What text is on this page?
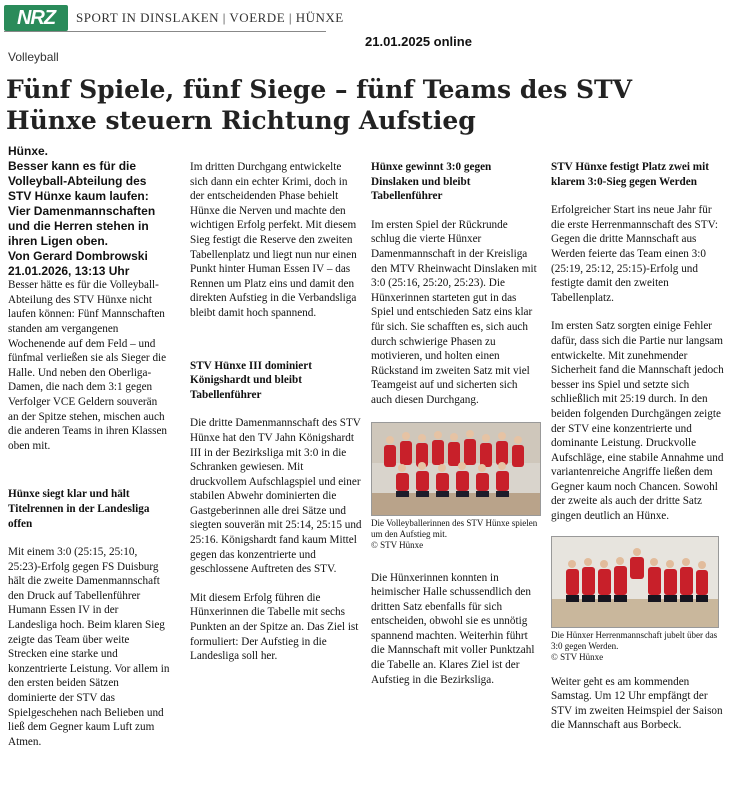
NRZ	SPORT IN DINSLAKEN | VOERDE | HÜNXE
21.01.2025 online
Volleyball
Fünf Spiele, fünf Siege – fünf Teams des STV
Hünxe steuern Richtung Aufstieg

Hünxe.

Besser kann es für die Volleyball-Abteilung des STV Hünxe kaum laufen: Vier Damenmannschaften und die Herren stehen in ihren Ligen oben.

Von Gerard Dombrowski

21.01.2026, 13:13 Uhr

Besser hätte es für die Volleyball-Abteilung des STV Hünxe nicht laufen können: Fünf Mannschaften standen am vergangenen Wochenende auf dem Feld – und fünfmal verließen sie als Sieger die Halle. Und neben den Oberliga-Damen, die nach dem 3:1 gegen Verfolger VCE Geldern souverän an der Spitze stehen, mischen auch die anderen Teams in ihren Klassen oben mit.

Hünxe siegt klar und hält Titelrennen in der Landesliga offen

Mit einem 3:0 (25:15, 25:10, 25:23)-Erfolg gegen FS Duisburg hält die zweite Damenmannschaft den Druck auf Tabellenführer Humann Essen IV in der Landesliga hoch. Beim klaren Sieg zeigte das Team über weite Strecken eine starke und konzentrierte Leistung. Vor allem in den ersten beiden Sätzen dominierte der STV das Spielgeschehen nach Belieben und ließ dem Gegner kaum Luft zum Atmen.

Im dritten Durchgang entwickelte sich dann ein echter Krimi, doch in der entscheidenden Phase behielt Hünxe die Nerven und machte den wichtigen Erfolg perfekt. Mit diesem Sieg festigt die Reserve den zweiten Tabellenplatz und liegt nun nur einen Punkt hinter Human Essen IV – das Rennen um Platz eins und damit den direkten Aufstieg in die Verbandsliga bleibt damit hoch spannend.

STV Hünxe III dominiert Königshardt und bleibt Tabellenführer

Die dritte Damenmannschaft des STV Hünxe hat den TV Jahn Königshardt III in der Bezirksliga mit 3:0 in die Schranken gewiesen. Mit druckvollem Aufschlagspiel und einer stabilen Abwehr dominierten die Gastgeberinnen alle drei Sätze und siegten souverän mit 25:14, 25:15 und 25:16. Königshardt fand kaum Mittel gegen das konzentrierte und geschlossene Auftreten des STV.

Mit diesem Erfolg führen die Hünxerinnen die Tabelle mit sechs Punkten an der Spitze an. Das Ziel ist formuliert: Der Aufstieg in die Landesliga soll her.

Hünxe gewinnt 3:0 gegen Dinslaken und bleibt Tabellenführer

Im ersten Spiel der Rückrunde schlug die vierte Hünxer Damenmannschaft in der Kreisliga den MTV Rheinwacht Dinslaken mit 3:0 (25:16, 25:20, 25:23). Die Hünxerinnen starteten gut in das Spiel und entschieden Satz eins klar für sich. Sie schafften es, sich auch durch schwierige Phasen zu motivieren, und holten einen Rückstand im zweiten Satz mit viel Teamgeist auf und sicherten sich auch diesen Durchgang.

Die Volleyballerinnen des STV Hünxe spielen um den Aufstieg mit.
© STV Hünxe

Die Hünxerinnen konnten in heimischer Halle schussendlich den dritten Satz ebenfalls für sich entscheiden, obwohl sie es unnötig spannend machten. Weiterhin führt die Mannschaft mit voller Punktzahl die Tabelle an. Klares Ziel ist der Aufstieg in die Bezirksliga.

STV Hünxe festigt Platz zwei mit klarem 3:0-Sieg gegen Werden

Erfolgreicher Start ins neue Jahr für die erste Herrenmannschaft des STV: Gegen die dritte Mannschaft aus Werden feierte das Team einen 3:0 (25:19, 25:12, 25:15)-Erfolg und festigte damit den zweiten Tabellenplatz.

Im ersten Satz sorgten einige Fehler dafür, dass sich die Partie nur langsam entwickelte. Mit zunehmender Sicherheit fand die Mannschaft jedoch besser ins Spiel und setzte sich schließlich mit 25:19 durch. In den beiden folgenden Durchgängen zeigte der STV eine konzentrierte und dominante Leistung. Druckvolle Aufschläge, eine stabile Annahme und variantenreiche Angriffe ließen dem Gegner kaum noch Chancen. Sowohl der zweite als auch der dritte Satz gingen deutlich an Hünxe.

Die Hünxer Herrenmannschaft jubelt über das 3:0 gegen Werden.
© STV Hünxe

Weiter geht es am kommenden Samstag. Um 12 Uhr empfängt der STV im zweiten Heimspiel der Saison die Mannschaft aus Borbeck.
